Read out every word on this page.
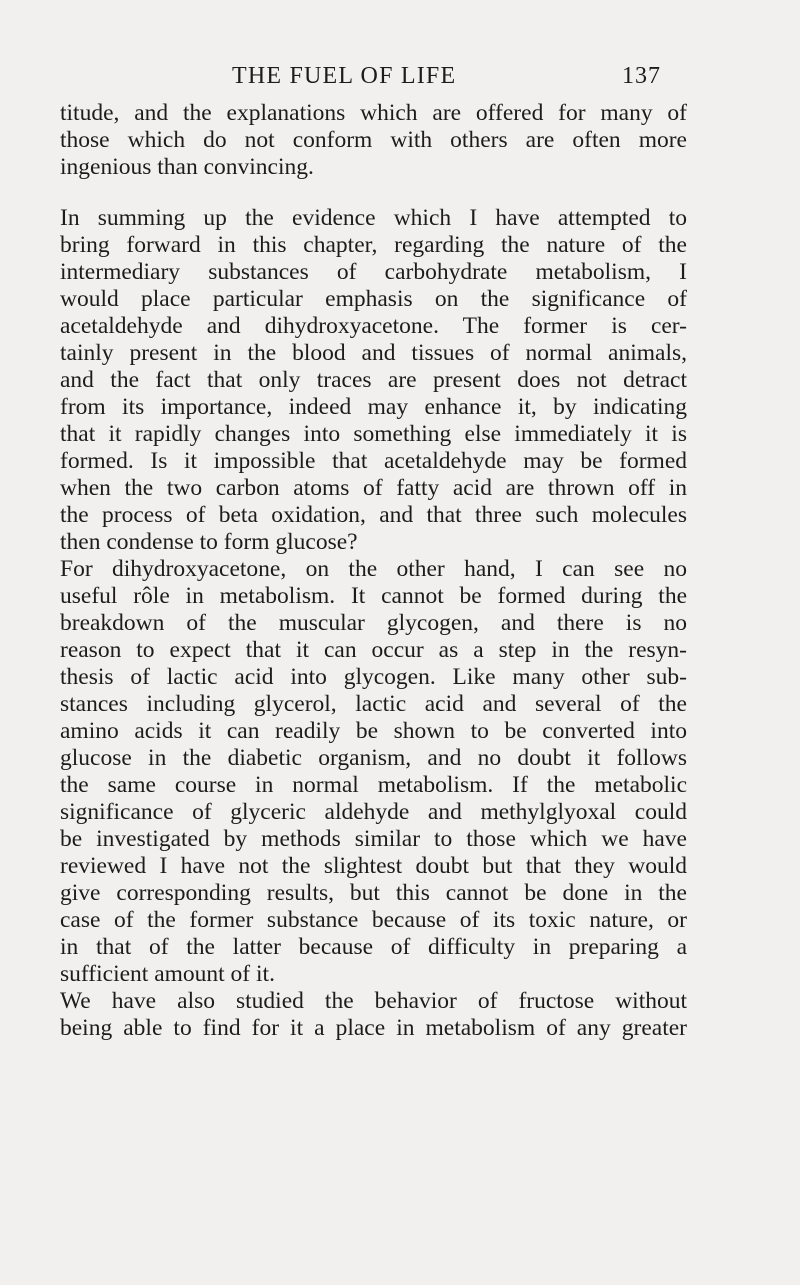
THE FUEL OF LIFE	137
titude, and the explanations which are offered for many of
those which do not conform with others are often more
ingenious than convincing.
In summing up the evidence which I have attempted to
bring forward in this chapter, regarding the nature of the
intermediary substances of carbohydrate metabolism, I
would place particular emphasis on the significance of
acetaldehyde and dihydroxyacetone. The former is cer-
tainly present in the blood and tissues of normal animals,
and the fact that only traces are present does not detract
from its importance, indeed may enhance it, by indicating
that it rapidly changes into something else immediately it is
formed. Is it impossible that acetaldehyde may be formed
when the two carbon atoms of fatty acid are thrown off in
the process of beta oxidation, and that three such molecules
then condense to form glucose?
For dihydroxyacetone, on the other hand, I can see no
useful rôle in metabolism. It cannot be formed during the
breakdown of the muscular glycogen, and there is no
reason to expect that it can occur as a step in the resyn-
thesis of lactic acid into glycogen. Like many other sub-
stances including glycerol, lactic acid and several of the
amino acids it can readily be shown to be converted into
glucose in the diabetic organism, and no doubt it follows
the same course in normal metabolism. If the metabolic
significance of glyceric aldehyde and methylglyoxal could
be investigated by methods similar to those which we have
reviewed I have not the slightest doubt but that they would
give corresponding results, but this cannot be done in the
case of the former substance because of its toxic nature, or
in that of the latter because of difficulty in preparing a
sufficient amount of it.
We have also studied the behavior of fructose without
being able to find for it a place in metabolism of any greater
